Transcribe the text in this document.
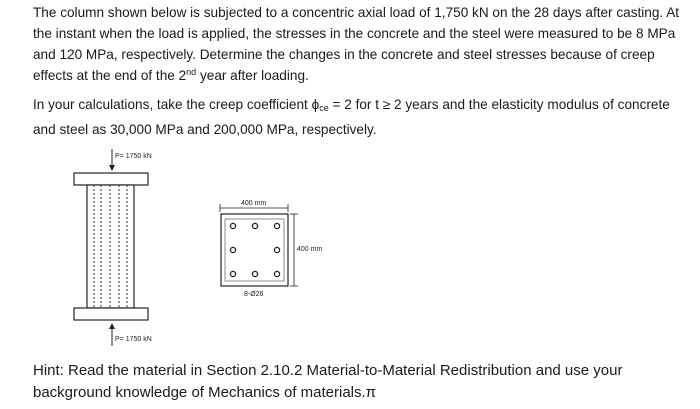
The column shown below is subjected to a concentric axial load of 1,750 kN on the 28 days after casting. At the instant when the load is applied, the stresses in the concrete and the steel were measured to be 8 MPa and 120 MPa, respectively. Determine the changes in the concrete and steel stresses because of creep effects at the end of the 2nd year after loading.

In your calculations, take the creep coefficient $\phi_{ce} = 2$ for t ≥ 2 years and the elasticity modulus of concrete and steel as 30,000 MPa and 200,000 MPa, respectively.

P= 1750 kN
P= 1750 kN
400 mm
400 mm
8-Ø26

Hint: Read the material in Section 2.10.2 Material-to-Material Redistribution and use your background knowledge of Mechanics of materials.π
